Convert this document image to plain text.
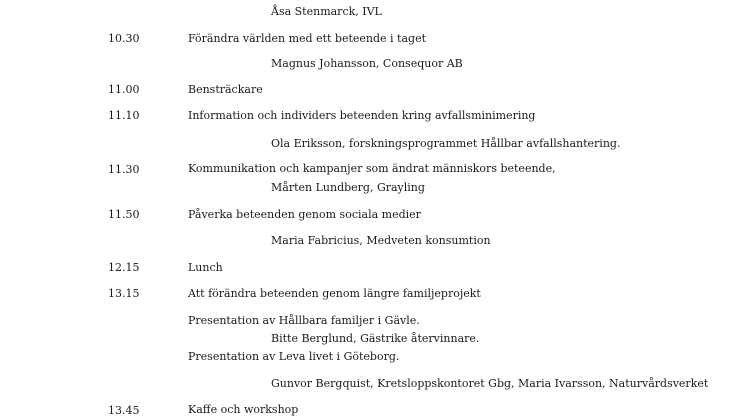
Åsa Stenmarck, IVL
10.30	Förändra världen med ett beteende i taget
Magnus Johansson, Consequor AB
11.00	Bensträckare
11.10	Information och individers beteenden kring avfallsminimering
Ola Eriksson, forskningsprogrammet Hållbar avfallshantering.
11.30	Kommunikation och kampanjer som ändrat människors beteende,
Mårten Lundberg, Grayling
11.50	Påverka beteenden genom sociala medier
Maria Fabricius, Medveten konsumtion
12.15	Lunch
13.15	Att förändra beteenden genom längre familjeprojekt
Presentation av Hållbara familjer i Gävle.
Bitte Berglund, Gästrike återvinnare.
Presentation av Leva livet i Göteborg.
Gunvor Bergquist, Kretsloppskontoret Gbg, Maria Ivarsson, Naturvårdsverket
13.45	Kaffe och workshop
